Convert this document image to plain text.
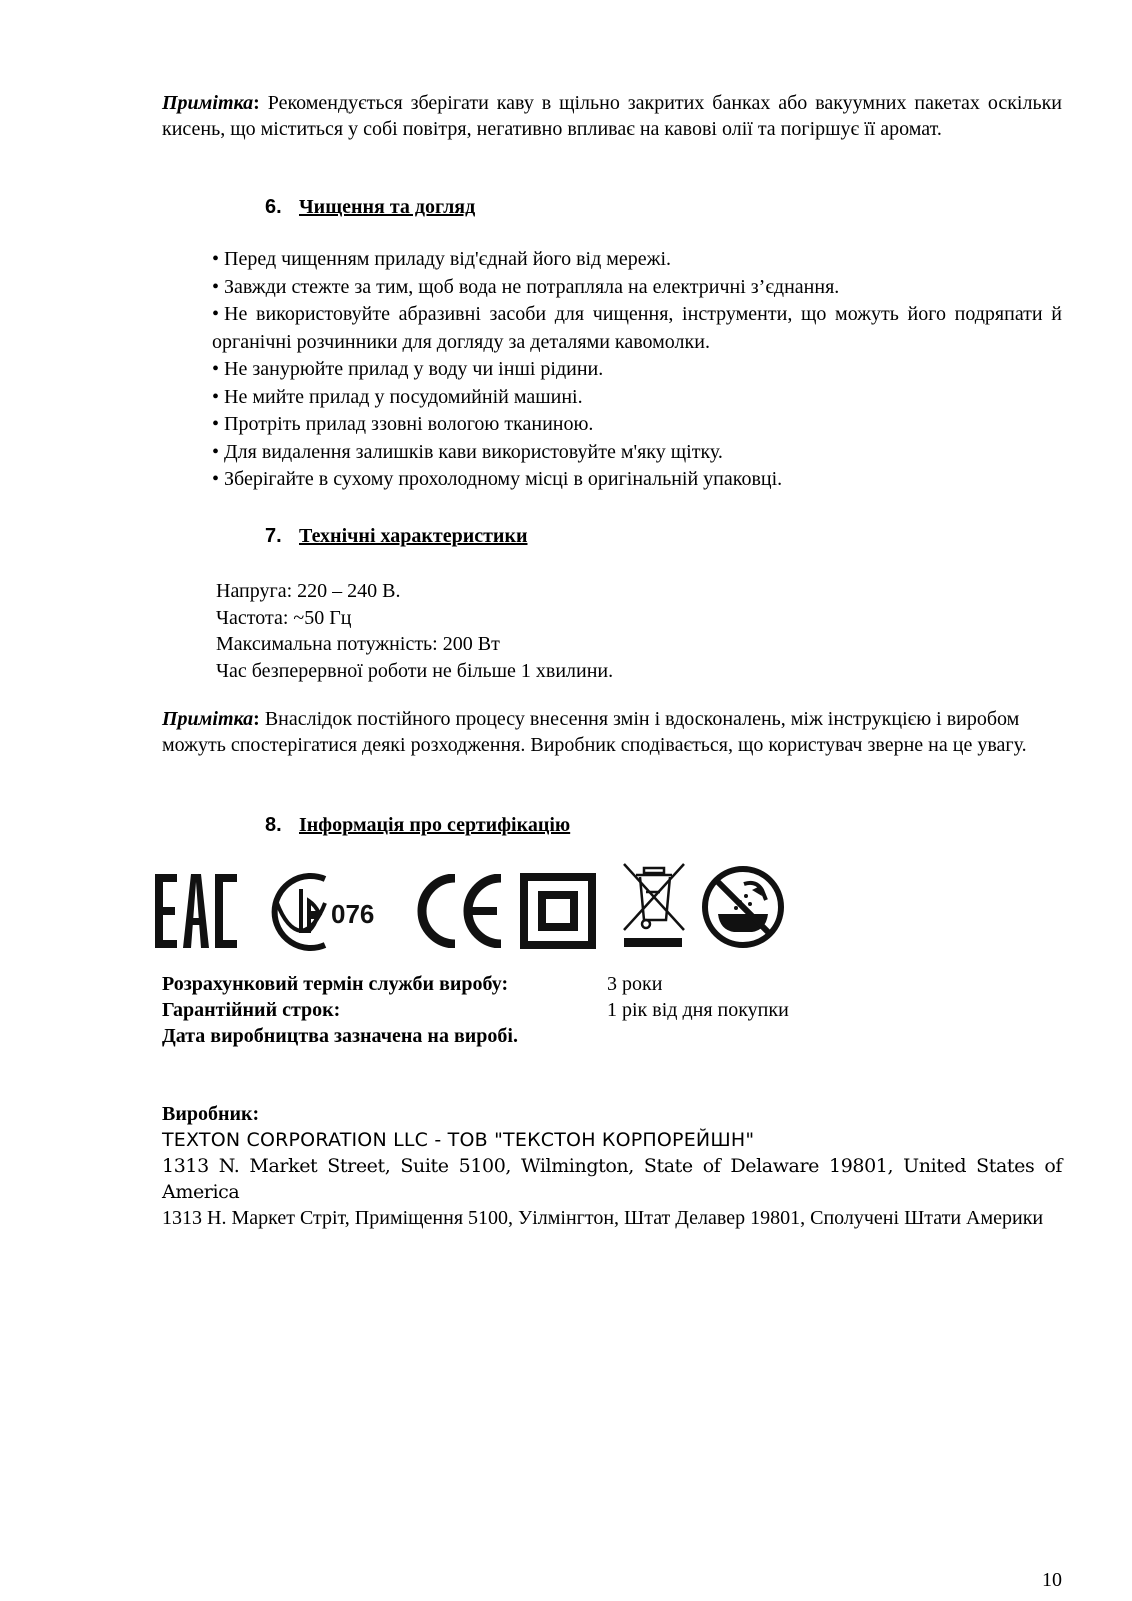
Примітка: Рекомендується зберігати каву в щільно закритих банках або вакуумних пакетах оскільки кисень, що міститься у собі повітря, негативно впливає на кавові олії та погіршує її аромат.
6. Чищення та догляд
• Перед чищенням приладу від'єднай його від мережі.
• Завжди стежте за тим, щоб вода не потрапляла на електричні з’єднання.
• Не використовуйте абразивні засоби для чищення, інструменти, що можуть його подряпати й органічні розчинники для догляду за деталями кавомолки.
• Не занурюйте прилад у воду чи інші рідини.
• Не мийте прилад у посудомийній машині.
• Протріть прилад ззовні вологою тканиною.
• Для видалення залишків кави використовуйте м'яку щітку.
• Зберігайте в сухому прохолодному місці в оригінальній упаковці.
7. Технічні характеристики
Напруга: 220 – 240 В.
Частота: ~50 Гц
Максимальна потужність: 200 Вт
Час безперервної роботи не більше 1 хвилини.
Примітка: Внаслідок постійного процесу внесення змін і вдосконалень, між інструкцією і виробом можуть спостерігатися деякі розходження. Виробник сподівається, що користувач зверне на це увагу.
8. Інформація про сертифікацію
076
Розрахунковий термін служби виробу:	3 роки
Гарантійний строк:	1 рік від дня покупки
Дата виробництва зазначена на виробі.
Виробник:
TEXTON CORPORATION LLC - ТОВ "ТЕКСТОН КОРПОРЕЙШН"
1313 N. Market Street, Suite 5100, Wilmington, State of Delaware 19801, United States of America
1313 Н. Маркет Стріт, Приміщення 5100, Уілмінгтон, Штат Делавер 19801, Сполучені Штати Америки
10
